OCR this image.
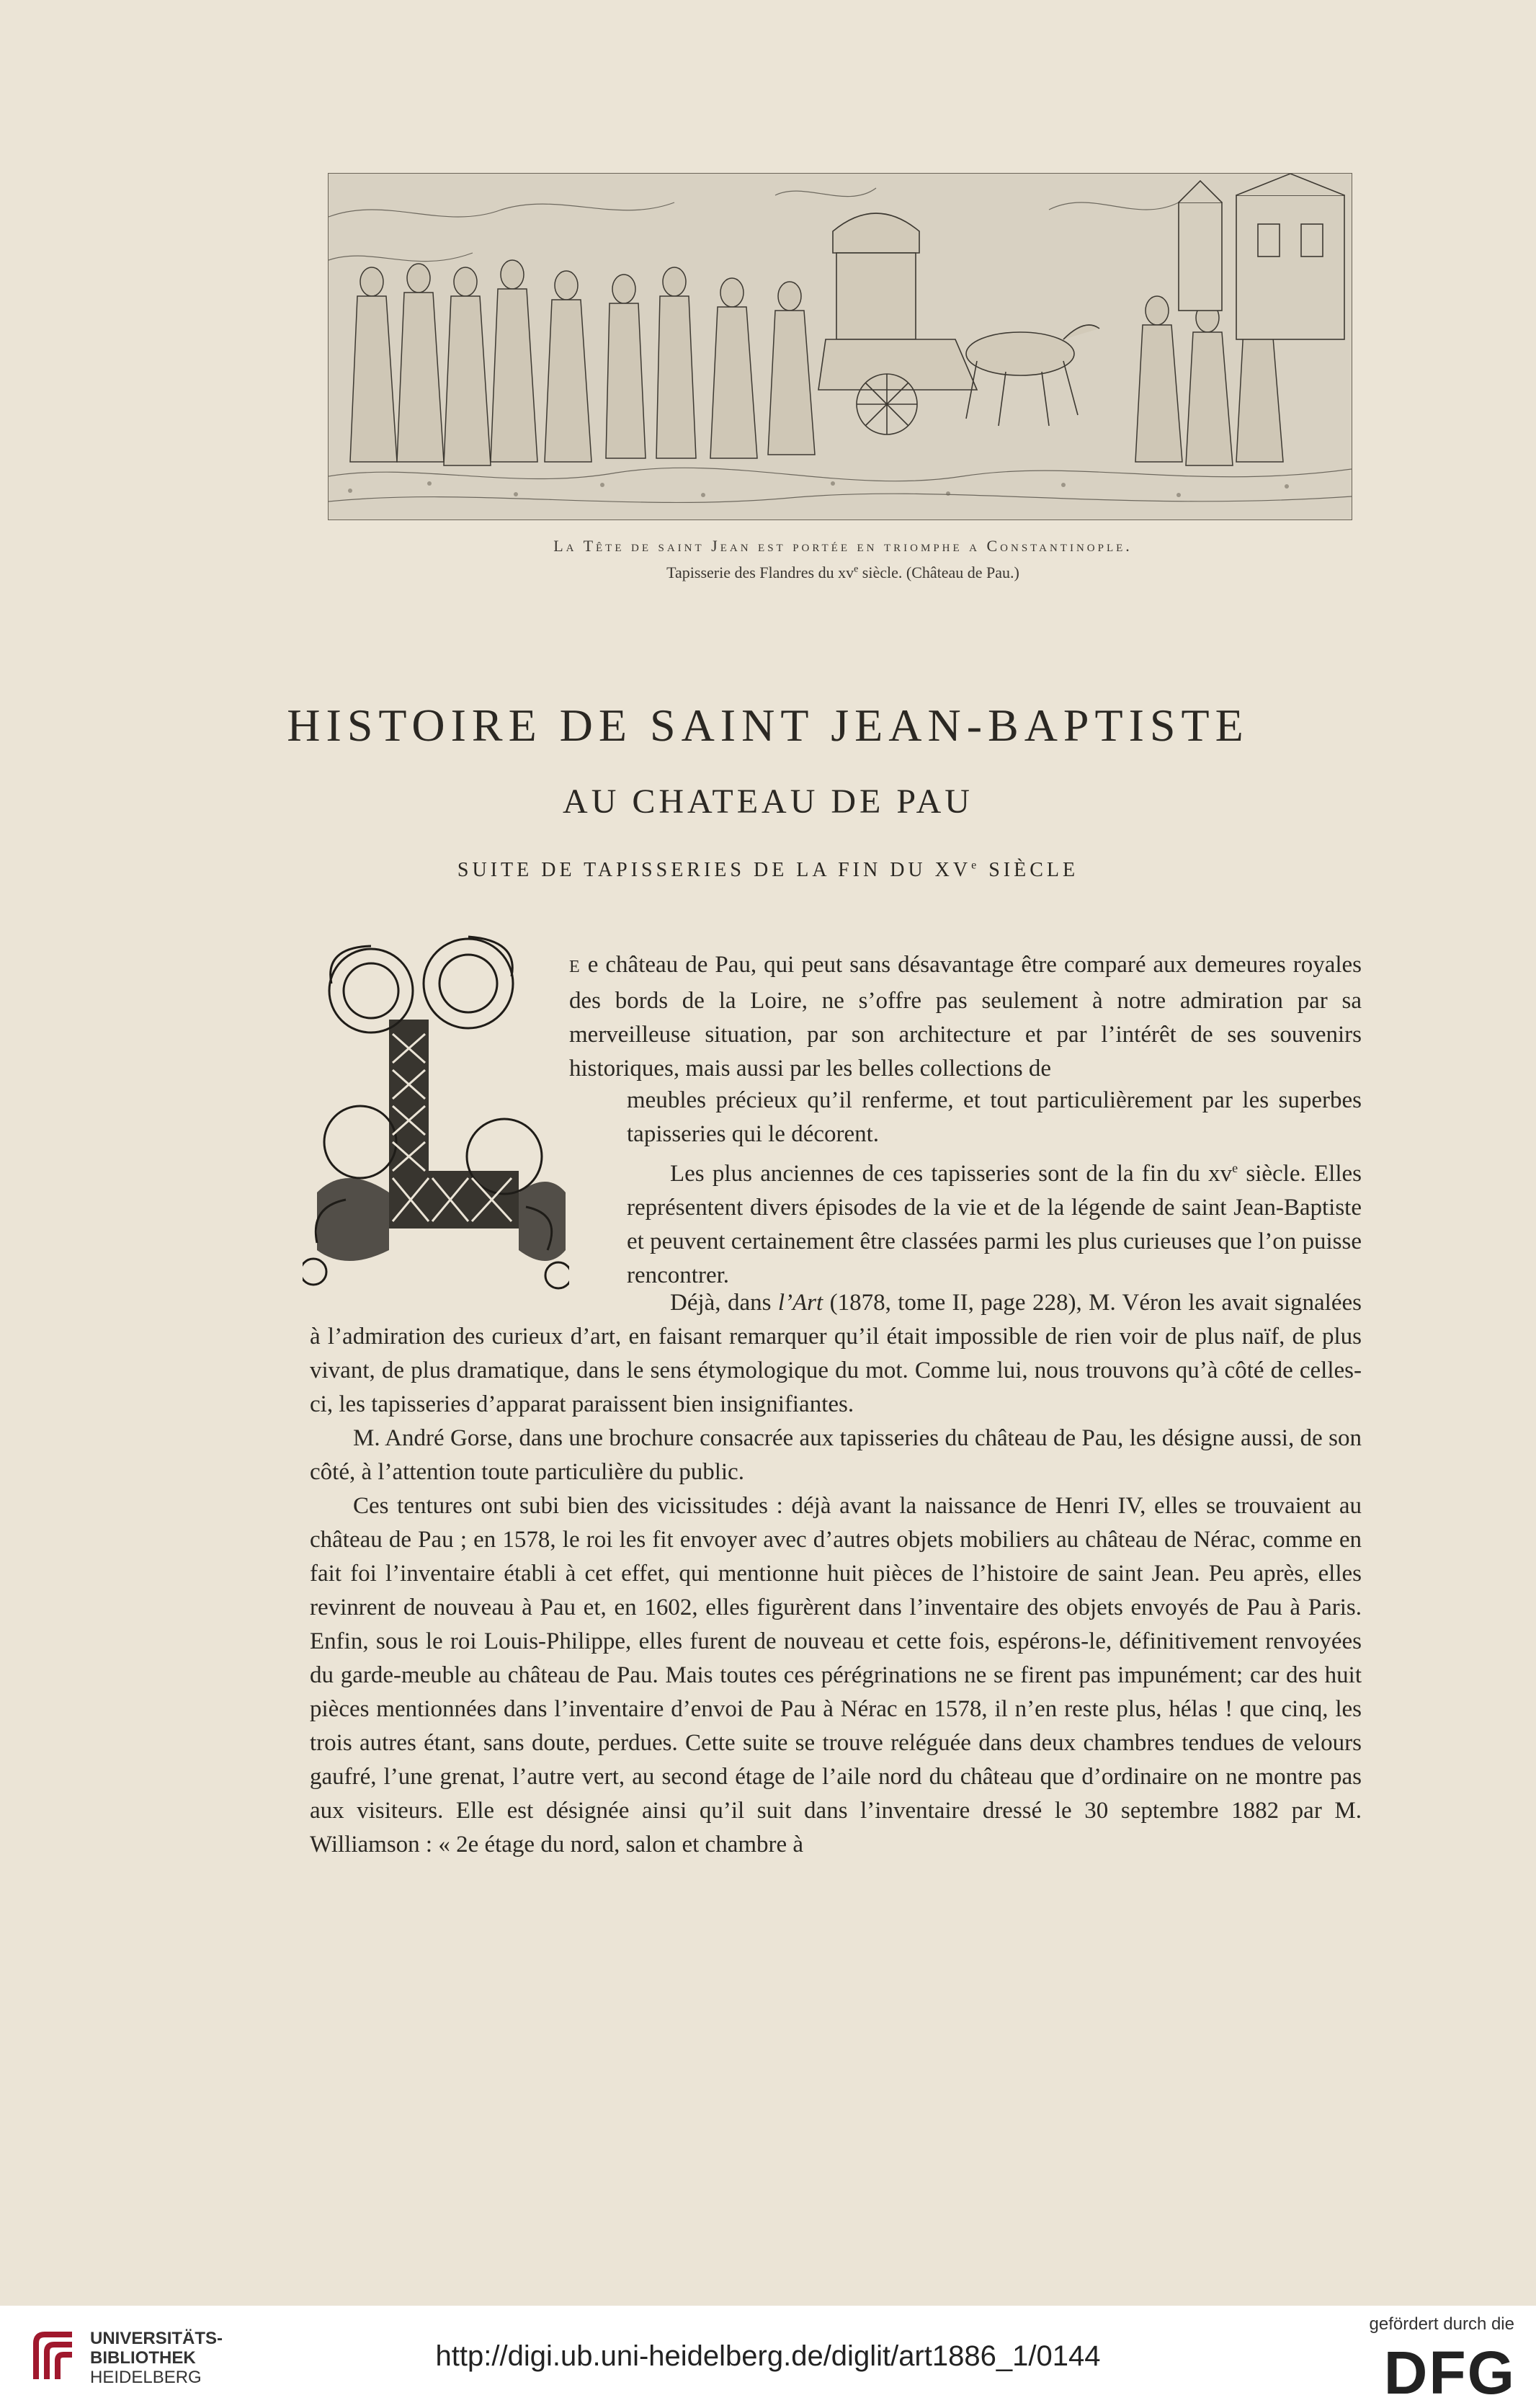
La Tête de saint Jean est portée en triomphe a Constantinople.
Tapisserie des Flandres du $xv^e$ siècle. (Château de Pau.)
HISTOIRE DE SAINT JEAN-BAPTISTE
AU CHATEAU DE PAU
SUITE DE TAPISSERIES DE LA FIN DU XVe SIÈCLE
E e château de Pau, qui peut sans désavantage être comparé aux demeures royales des bords de la Loire, ne s’offre pas seulement à notre admiration par sa merveilleuse situation, par son architecture et par l’intérêt de ses souvenirs historiques, mais aussi par les belles collections de

meubles précieux qu’il renferme, et tout particulièrement par les superbes tapisseries qui le décorent.

Les plus anciennes de ces tapisseries sont de la fin du $xv^e$ siècle. Elles représentent divers épisodes de la vie et de la légende de saint Jean-Baptiste et peuvent certainement être classées parmi les plus curieuses que l’on puisse rencontrer.

Déjà, dans l’Art (1878, tome II, page 228), M. Véron les avait signalées à l’admiration des curieux d’art, en faisant remarquer qu’il était impossible de rien voir de plus naïf, de plus vivant, de plus dramatique, dans le sens étymologique du mot. Comme lui, nous trouvons qu’à côté de celles-ci, les tapisseries d’apparat paraissent bien insignifiantes.

M. André Gorse, dans une brochure consacrée aux tapisseries du château de Pau, les désigne aussi, de son côté, à l’attention toute particulière du public.

Ces tentures ont subi bien des vicissitudes : déjà avant la naissance de Henri IV, elles se trouvaient au château de Pau ; en 1578, le roi les fit envoyer avec d’autres objets mobiliers au château de Nérac, comme en fait foi l’inventaire établi à cet effet, qui mentionne huit pièces de l’histoire de saint Jean. Peu après, elles revinrent de nouveau à Pau et, en 1602, elles figurèrent dans l’inventaire des objets envoyés de Pau à Paris. Enfin, sous le roi Louis-Philippe, elles furent de nouveau et cette fois, espérons-le, définitivement renvoyées du garde-meuble au château de Pau. Mais toutes ces pérégrinations ne se firent pas impunément; car des huit pièces mentionnées dans l’inventaire d’envoi de Pau à Nérac en 1578, il n’en reste plus, hélas ! que cinq, les trois autres étant, sans doute, perdues. Cette suite se trouve reléguée dans deux chambres tendues de velours gaufré, l’une grenat, l’autre vert, au second étage de l’aile nord du château que d’ordinaire on ne montre pas aux visiteurs. Elle est désignée ainsi qu’il suit dans l’inventaire dressé le 30 septembre 1882 par M. Williamson : « 2e étage du nord, salon et chambre à

UNIVERSITÄTS-
BIBLIOTHEK
HEIDELBERG
http://digi.ub.uni-heidelberg.de/diglit/art1886_1/0144
gefördert durch die
DFG
